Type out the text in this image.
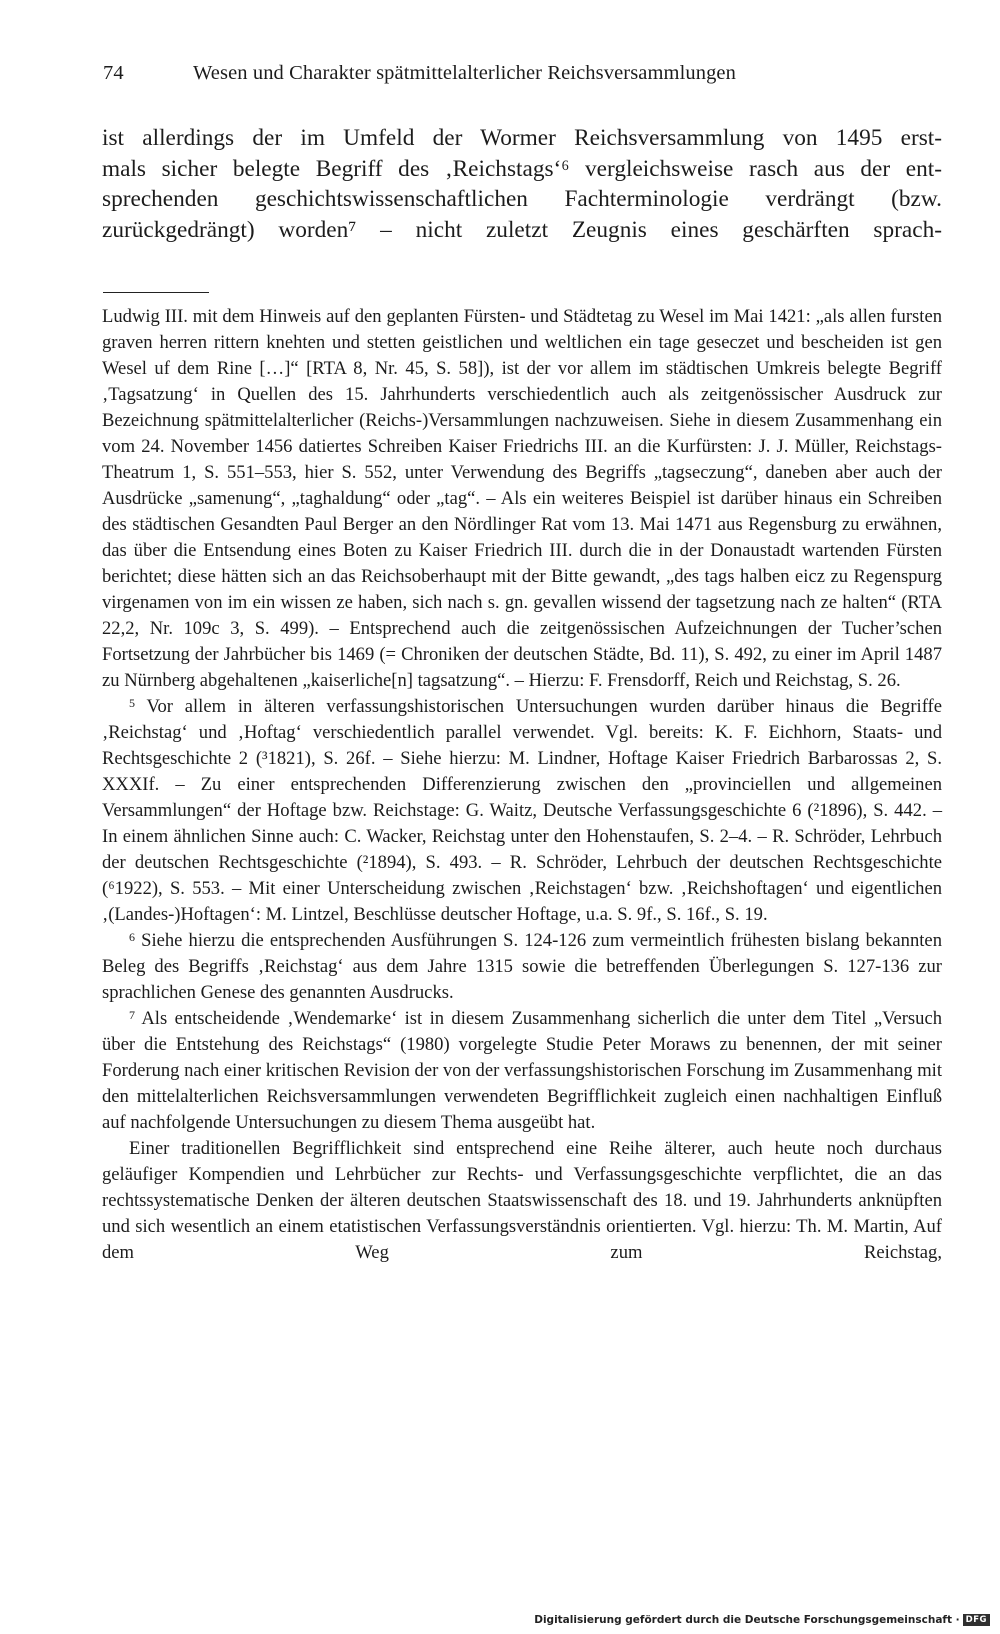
74	Wesen und Charakter spätmittelalterlicher Reichsversammlungen

ist allerdings der im Umfeld der Wormer Reichsversammlung von 1495 erst-

mals sicher belegte Begriff des ‚Reichstags‘⁶ vergleichsweise rasch aus der ent-

sprechenden geschichtswissenschaftlichen Fachterminologie verdrängt (bzw.

zurückgedrängt) worden⁷ – nicht zuletzt Zeugnis eines geschärften sprach-

Ludwig III. mit dem Hinweis auf den geplanten Fürsten- und Städtetag zu Wesel im Mai 1421: „als allen fursten graven herren rittern knehten und stetten geistlichen und weltlichen ein tage geseczet und bescheiden ist gen Wesel uf dem Rine […]“ [RTA 8, Nr. 45, S. 58]), ist der vor allem im städtischen Umkreis belegte Begriff ‚Tagsatzung‘ in Quellen des 15. Jahrhunderts verschiedentlich auch als zeitgenössischer Ausdruck zur Bezeichnung spätmittelalterlicher (Reichs-)Versammlungen nachzuweisen. Siehe in diesem Zusammenhang ein vom 24. November 1456 datiertes Schreiben Kaiser Friedrichs III. an die Kurfürsten: J. J. Müller, Reichstags-Theatrum 1, S. 551–553, hier S. 552, unter Verwendung des Begriffs „tagseczung“, daneben aber auch der Ausdrücke „samenung“, „taghaldung“ oder „tag“. – Als ein weiteres Beispiel ist darüber hinaus ein Schreiben des städtischen Gesandten Paul Berger an den Nördlinger Rat vom 13. Mai 1471 aus Regensburg zu erwähnen, das über die Entsendung eines Boten zu Kaiser Friedrich III. durch die in der Donaustadt wartenden Fürsten berichtet; diese hätten sich an das Reichsoberhaupt mit der Bitte gewandt, „des tags halben eicz zu Regenspurg virgenamen von im ein wissen ze haben, sich nach s. gn. gevallen wissend der tagsetzung nach ze halten“ (RTA 22,2, Nr. 109c 3, S. 499). – Entsprechend auch die zeitgenössischen Aufzeichnungen der Tucher’schen Fortsetzung der Jahrbücher bis 1469 (= Chroniken der deutschen Städte, Bd. 11), S. 492, zu einer im April 1487 zu Nürnberg abgehaltenen „kaiserliche[n] tagsatzung“. – Hierzu: F. Frensdorff, Reich und Reichstag, S. 26.

$^5$ Vor allem in älteren verfassungshistorischen Untersuchungen wurden darüber hinaus die Begriffe ‚Reichstag‘ und ‚Hoftag‘ verschiedentlich parallel verwendet. Vgl. bereits: K. F. Eichhorn, Staats- und Rechtsgeschichte 2 (³1821), S. 26f. – Siehe hierzu: M. Lindner, Hoftage Kaiser Friedrich Barbarossas 2, S. XXXIf. – Zu einer entsprechenden Differenzierung zwischen den „provinciellen und allgemeinen Versammlungen“ der Hoftage bzw. Reichstage: G. Waitz, Deutsche Verfassungsgeschichte 6 (²1896), S. 442. – In einem ähnlichen Sinne auch: C. Wacker, Reichstag unter den Hohenstaufen, S. 2–4. – R. Schröder, Lehrbuch der deutschen Rechtsgeschichte (²1894), S. 493. – R. Schröder, Lehrbuch der deutschen Rechtsgeschichte (⁶1922), S. 553. – Mit einer Unterscheidung zwischen ‚Reichstagen‘ bzw. ‚Reichshoftagen‘ und eigentlichen ‚(Landes-)Hoftagen‘: M. Lintzel, Beschlüsse deutscher Hoftage, u.a. S. 9f., S. 16f., S. 19.

$^6$ Siehe hierzu die entsprechenden Ausführungen S. 124-126 zum vermeintlich frühesten bislang bekannten Beleg des Begriffs ‚Reichstag‘ aus dem Jahre 1315 sowie die betreffenden Überlegungen S. 127-136 zur sprachlichen Genese des genannten Ausdrucks.

$^7$ Als entscheidende ‚Wendemarke‘ ist in diesem Zusammenhang sicherlich die unter dem Titel „Versuch über die Entstehung des Reichstags“ (1980) vorgelegte Studie Peter Moraws zu benennen, der mit seiner Forderung nach einer kritischen Revision der von der verfassungshistorischen Forschung im Zusammenhang mit den mittelalterlichen Reichsversammlungen verwendeten Begrifflichkeit zugleich einen nachhaltigen Einfluß auf nachfolgende Untersuchungen zu diesem Thema ausgeübt hat.

Einer traditionellen Begrifflichkeit sind entsprechend eine Reihe älterer, auch heute noch durchaus geläufiger Kompendien und Lehrbücher zur Rechts- und Verfassungsgeschichte verpflichtet, die an das rechtssystematische Denken der älteren deutschen Staatswissenschaft des 18. und 19. Jahrhunderts anknüpften und sich wesentlich an einem etatistischen Verfassungsverständnis orientierten. Vgl. hierzu: Th. M. Martin, Auf dem Weg zum Reichstag,

Digitalisierung gefördert durch die Deutsche Forschungsgemeinschaft · DFG
